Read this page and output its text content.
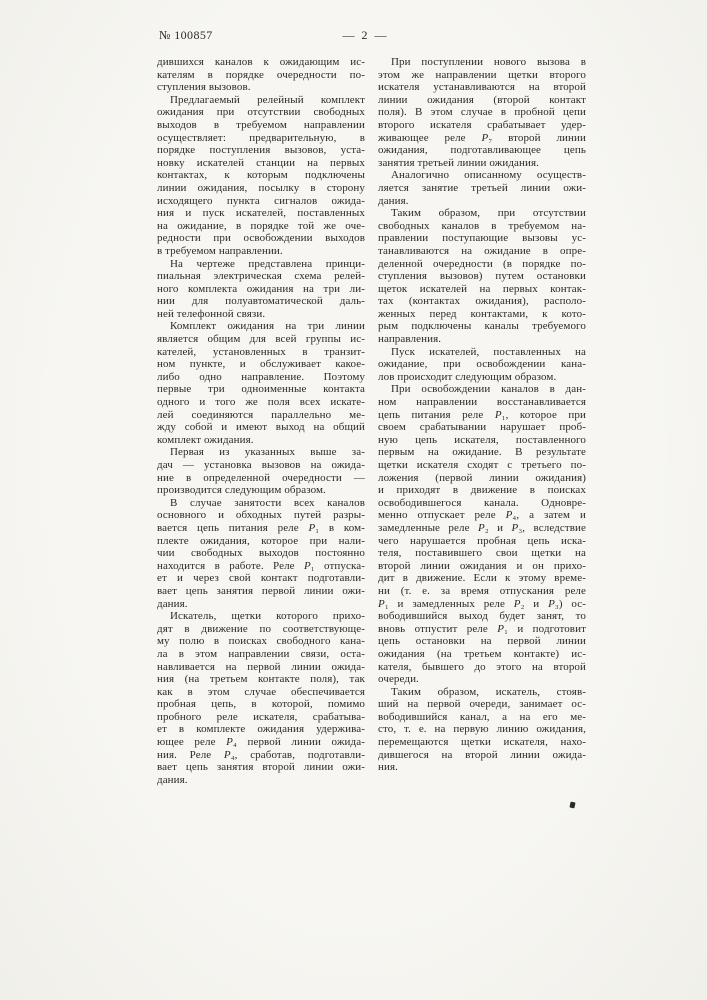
№ 100857	— 2 —
дившихся каналов к ожидающим ис-
кателям в порядке очередности по-
ступления вызовов.
Предлагаемый релейный комплект
ожидания при отсутствии свободных
выходов в требуемом направлении
осуществляет: предварительную, в
порядке поступления вызовов, уста-
новку искателей станции на первых
контактах, к которым подключены
линии ожидания, посылку в сторону
исходящего пункта сигналов ожида-
ния и пуск искателей, поставленных
на ожидание, в порядке той же оче-
редности при освобождении выходов
в требуемом направлении.
На чертеже представлена принци-
пиальная электрическая схема релей-
ного комплекта ожидания на три ли-
нии для полуавтоматической даль-
ней телефонной связи.
Комплект ожидания на три линии
является общим для всей группы ис-
кателей, установленных в транзит-
ном пункте, и обслуживает какое-
либо одно направление. Поэтому
первые три одноименные контакта
одного и того же поля всех искате-
лей соединяются параллельно ме-
жду собой и имеют выход на общий
комплект ожидания.
Первая из указанных выше за-
дач — установка вызовов на ожида-
ние в определенной очередности —
производится следующим образом.
В случае занятости всех каналов
основного и обходных путей разры-
вается цепь питания реле Р₁ в ком-
плекте ожидания, которое при нали-
чии свободных выходов постоянно
находится в работе. Реле Р₁ отпуска-
ет и через свой контакт подготавли-
вает цепь занятия первой линии ожи-
дания.
Искатель, щетки которого прихо-
дят в движение по соответствующе-
му полю в поисках свободного кана-
ла в этом направлении связи, оста-
навливается на первой линии ожида-
ния (на третьем контакте поля), так
как в этом случае обеспечивается
пробная цепь, в которой, помимо
пробного реле искателя, срабатыва-
ет в комплекте ожидания удержива-
ющее реле Р₄ первой линии ожида-
ния. Реле Р₄, сработав, подготавли-
вает цепь занятия второй линии ожи-
дания.
При поступлении нового вызова в
этом же направлении щетки второго
искателя устанавливаются на второй
линии ожидания (второй контакт
поля). В этом случае в пробной цепи
второго искателя срабатывает удер-
живающее реле Р₇ второй линии
ожидания, подготавливающее цепь
занятия третьей линии ожидания.
Аналогично описанному осуществ-
ляется занятие третьей линии ожи-
дания.
Таким образом, при отсутствии
свободных каналов в требуемом на-
правлении поступающие вызовы ус-
танавливаются на ожидание в опре-
деленной очередности (в порядке по-
ступления вызовов) путем остановки
щеток искателей на первых контак-
тах (контактах ожидания), располо-
женных перед контактами, к кото-
рым подключены каналы требуемого
направления.
Пуск искателей, поставленных на
ожидание, при освобождении кана-
лов происходит следующим образом.
При освобождении каналов в дан-
ном направлении восстанавливается
цепь питания реле Р₁, которое при
своем срабатывании нарушает проб-
ную цепь искателя, поставленного
первым на ожидание. В результате
щетки искателя сходят с третьего по-
ложения (первой линии ожидания)
и приходят в движение в поисках
освободившегося канала. Одновре-
менно отпускает реле Р₄, а затем и
замедленные реле Р₂ и Р₃, вследствие
чего нарушается пробная цепь иска-
теля, поставившего свои щетки на
второй линии ожидания и он прихо-
дит в движение. Если к этому време-
ни (т. е. за время отпускания реле
Р₁ и замедленных реле Р₂ и Р₃) ос-
вободившийся выход будет занят, то
вновь отпустит реле Р₁ и подготовит
цепь остановки на первой линии
ожидания (на третьем контакте) ис-
кателя, бывшего до этого на второй
очереди.
Таким образом, искатель, стояв-
ший на первой очереди, занимает ос-
вободившийся канал, а на его ме-
сто, т. е. на первую линию ожидания,
перемещаются щетки искателя, нахо-
дившегося на второй линии ожида-
ния.
